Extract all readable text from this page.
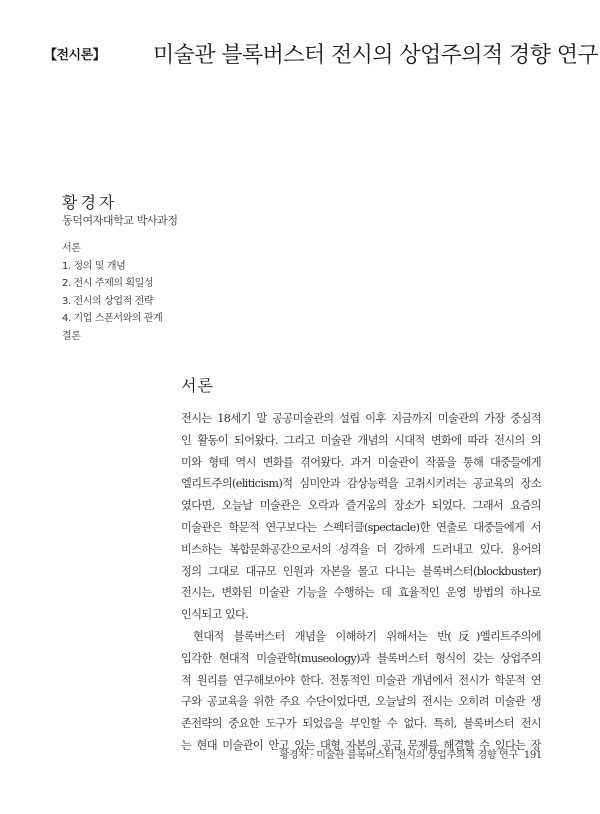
【전시론】 미술관 블록버스터 전시의 상업주의적 경향 연구
황경자
동덕여자대학교 박사과정
서론
1. 정의 및 개념
2. 전시 주제의 획일성
3. 전시의 상업적 전략
4. 기업 스폰서와의 관계
결론
서론
전시는 18세기 말 공공미술관의 설립 이후 지금까지 미술관의 가장 중심적
인 활동이 되어왔다. 그리고 미술관 개념의 시대적 변화에 따라 전시의 의
미와 형태 역시 변화를 겪어왔다. 과거 미술관이 작품을 통해 대중들에게
엘리트주의(eliticism)적 심미안과 감상능력을 고취시키려는 공교육의 장소
였다면, 오늘날 미술관은 오락과 즐거움의 장소가 되었다. 그래서 요즘의
미술관은 학문적 연구보다는 스펙터클(spectacle)한 연출로 대중들에게 서
비스하는 복합문화공간으로서의 성격을 더 강하게 드러내고 있다. 용어의
정의 그대로 대규모 인원과 자본을 몰고 다니는 블록버스터(blockbuster)
전시는, 변화된 미술관 기능을 수행하는 데 효율적인 운영 방법의 하나로
인식되고 있다.
현대적 블록버스터 개념을 이해하기 위해서는 반(反)엘리트주의에
입각한 현대적 미술관학(museology)과 블록버스터 형식이 갖는 상업주의
적 원리를 연구해보아야 한다. 전통적인 미술관 개념에서 전시가 학문적 연
구와 공교육을 위한 주요 수단이었다면, 오늘날의 전시는 오히려 미술관 생
존전략의 중요한 도구가 되었음을 부인할 수 없다. 특히, 블록버스터 전시
는 현대 미술관이 안고 있는 대형 자본의 공급 문제를 해결할 수 있다는 장
황경자 · 미술관 블록버스터 전시의 상업주의적 경향 연구 191
